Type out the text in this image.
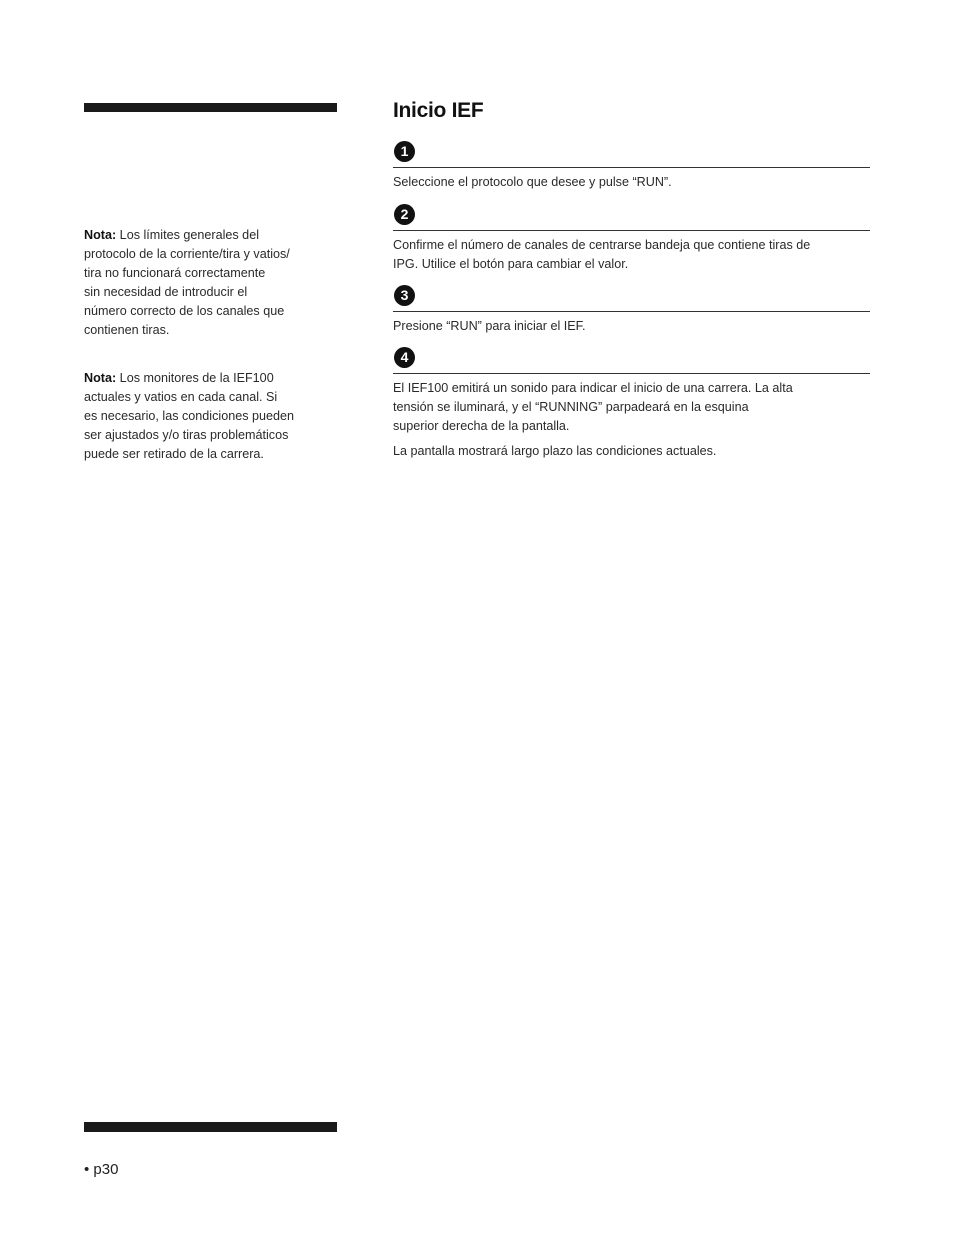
Nota: Los límites generales del
protocolo de la corriente/tira y vatios/
tira no funcionará correctamente
sin necesidad de introducir el
número correcto de los canales que
contienen tiras.
Nota: Los monitores de la IEF100
actuales y vatios en cada canal. Si
es necesario, las condiciones pueden
ser ajustados y/o tiras problemáticos
puede ser retirado de la carrera.
Inicio IEF
1
Seleccione el protocolo que desee y pulse “RUN”.
2
Confirme el número de canales de centrarse bandeja que contiene tiras de
IPG. Utilice el botón para cambiar el valor.
3
Presione “RUN” para iniciar el IEF.
4
El IEF100 emitirá un sonido para indicar el inicio de una carrera. La alta
tensión se iluminará, y el “RUNNING” parpadeará en la esquina
superior derecha de la pantalla.
La pantalla mostrará largo plazo las condiciones actuales.
• p30
